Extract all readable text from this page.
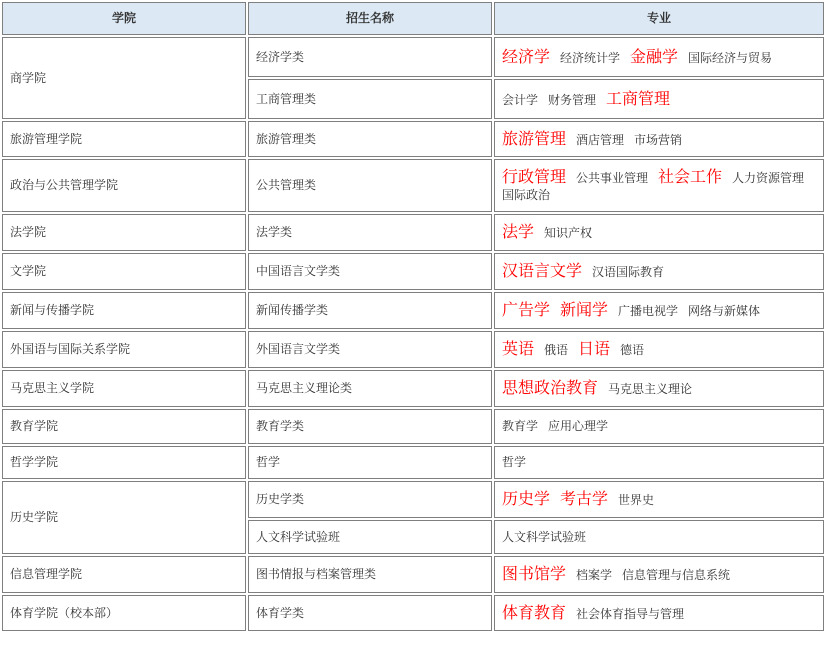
学院	招生名称	专业
商学院	经济学类	经济学 经济统计学 金融学 国际经济与贸易
	工商管理类	会计学 财务管理 工商管理
旅游管理学院	旅游管理类	旅游管理 酒店管理 市场营销
政治与公共管理学院	公共管理类	行政管理 公共事业管理 社会工作 人力资源管理国际政治
法学院	法学类	法学 知识产权
文学院	中国语言文学类	汉语言文学 汉语国际教育
新闻与传播学院	新闻传播学类	广告学 新闻学 广播电视学 网络与新媒体
外国语与国际关系学院	外国语言文学类	英语 俄语 日语 德语
马克思主义学院	马克思主义理论类	思想政治教育 马克思主义理论
教育学院	教育学类	教育学 应用心理学
哲学学院	哲学	哲学
历史学院	历史学类	历史学 考古学 世界史
	人文科学试验班	人文科学试验班
信息管理学院	图书情报与档案管理类	图书馆学 档案学 信息管理与信息系统
体育学院（校本部）	体育学类	体育教育 社会体育指导与管理
